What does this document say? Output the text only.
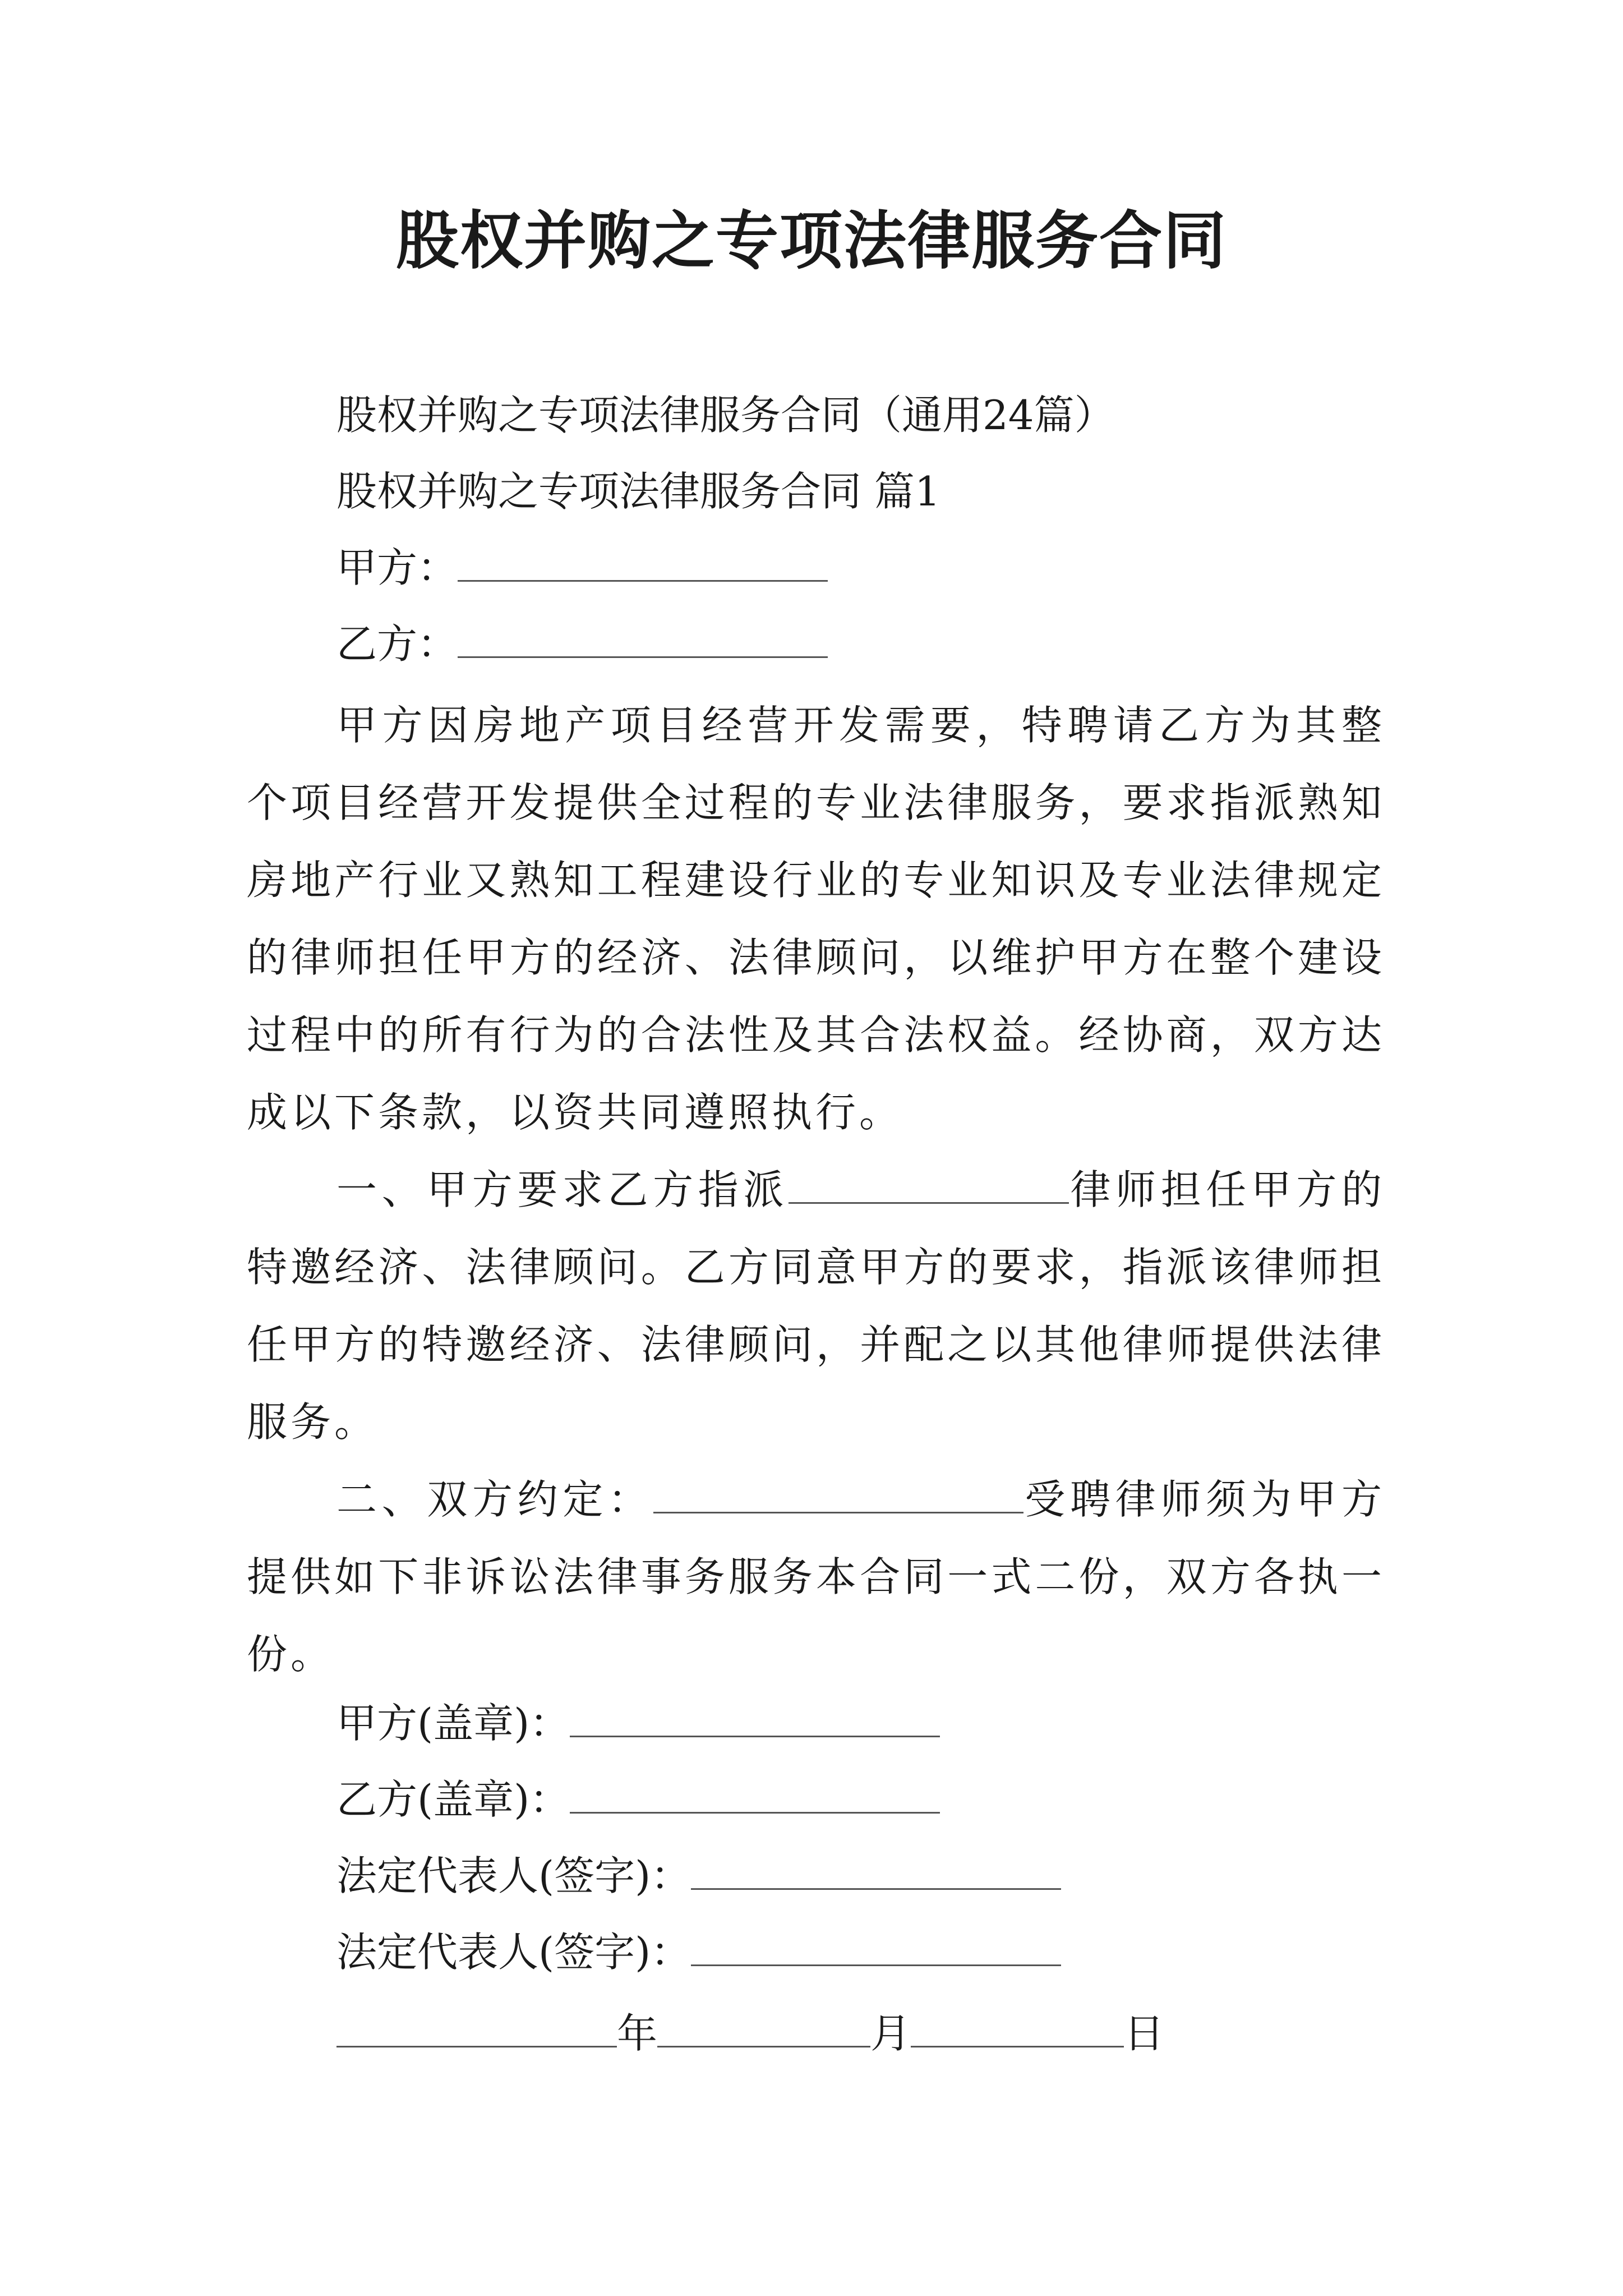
股权并购之专项法律服务合同
股权并购之专项法律服务合同（通用24篇）
股权并购之专项法律服务合同 篇1
甲方：
乙方：
甲方因房地产项目经营开发需要，特聘请乙方为其整个项目经营开发提供全过程的专业法律服务，要求指派熟知房地产行业又熟知工程建设行业的专业知识及专业法律规定的律师担任甲方的经济、法律顾问，以维护甲方在整个建设过程中的所有行为的合法性及其合法权益。经协商，双方达成以下条款，以资共同遵照执行。
一、甲方要求乙方指派	律师担任甲方的特邀经济、法律顾问。乙方同意甲方的要求，指派该律师担任甲方的特邀经济、法律顾问，并配之以其他律师提供法律服务。
二、双方约定：	受聘律师须为甲方提供如下非诉讼法律事务服务本合同一式二份，双方各执一份。
甲方(盖章)：
乙方(盖章)：
法定代表人(签字)：
法定代表人(签字)：
年	月	日
